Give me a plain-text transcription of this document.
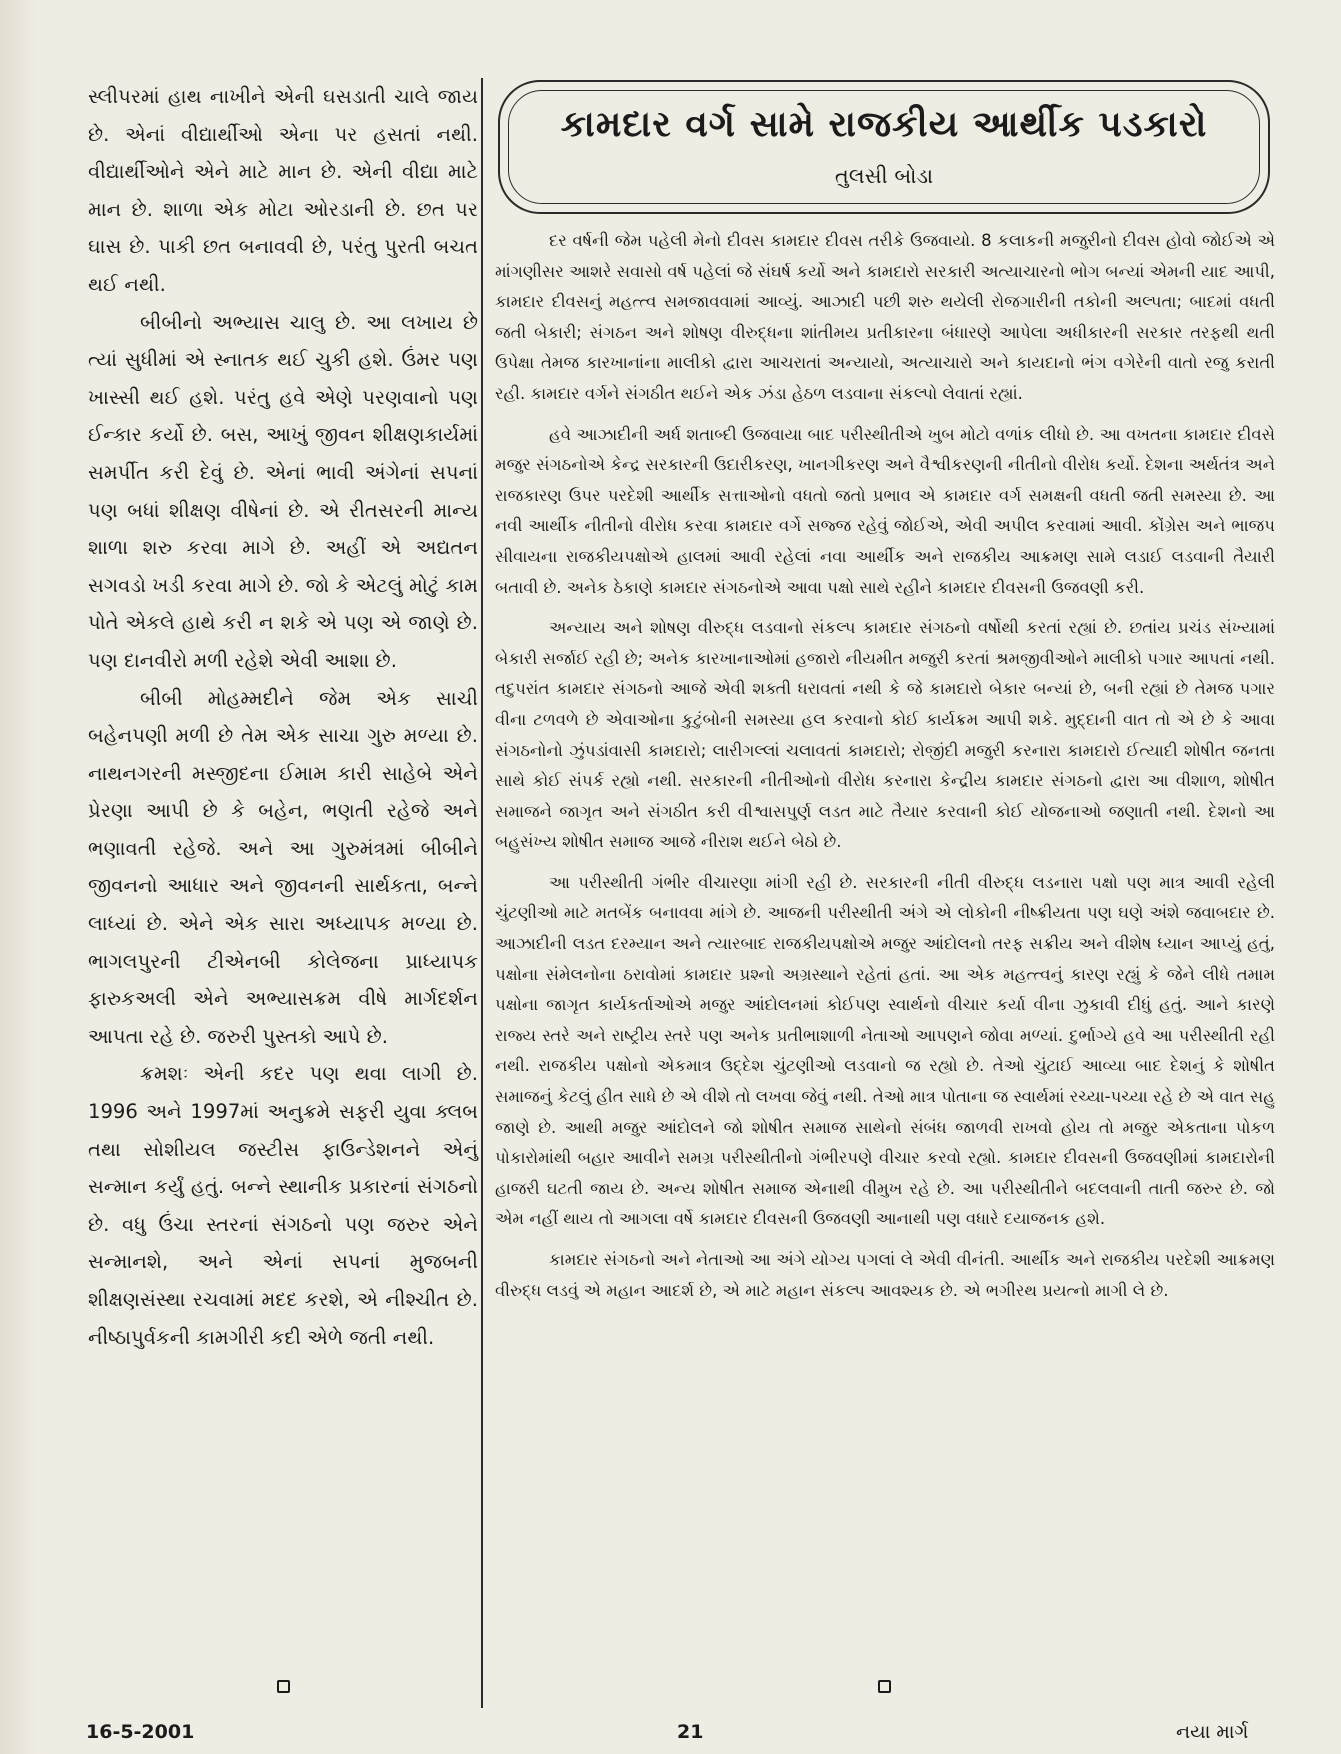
સ્લીપરમાં હાથ નાખીને એની ઘસડાતી ચાલે જાય છે. એનાં વીદ્યાર્થીઓ એના પર હસતાં નથી. વીદ્યાર્થીઓને એને માટે માન છે. એની વીદ્યા માટે માન છે. શાળા એક મોટા ઓરડાની છે. છત પર ઘાસ છે. પાકી છત બનાવવી છે, પરંતુ પુરતી બચત થઈ નથી.

બીબીનો અભ્યાસ ચાલુ છે. આ લખાય છે ત્યાં સુધીમાં એ સ્નાતક થઈ ચુકી હશે. ઉંમર પણ ખાસ્સી થઈ હશે. પરંતુ હવે એણે પરણવાનો પણ ઈન્કાર કર્યો છે. બસ, આખું જીવન શીક્ષણકાર્યમાં સમર્પીત કરી દેવું છે. એનાં ભાવી અંગેનાં સપનાં પણ બધાં શીક્ષણ વીષેનાં છે. એ રીતસરની માન્ય શાળા શરુ કરવા માગે છે. અહીં એ અદ્યતન સગવડો ખડી કરવા માગે છે. જો કે એટલું મોટું કામ પોતે એકલે હાથે કરી ન શકે એ પણ એ જાણે છે. પણ દાનવીરો મળી રહેશે એવી આશા છે.

બીબી મોહમ્મદીને જેમ એક સાચી બહેનપણી મળી છે તેમ એક સાચા ગુરુ મળ્યા છે. નાથનગરની મસ્જીદના ઈમામ કારી સાહેબે એને પ્રેરણા આપી છે કે બહેન, ભણતી રહેજે અને ભણાવતી રહેજે. અને આ ગુરુમંત્રમાં બીબીને જીવનનો આધાર અને જીવનની સાર્થકતા, બન્ને લાધ્યાં છે. એને એક સારા અધ્યાપક મળ્યા છે. ભાગલપુરની ટીએનબી કોલેજના પ્રાધ્યાપક ફારુકઅલી એને અભ્યાસક્રમ વીષે માર્ગદર્શન આપતા રહે છે. જરુરી પુસ્તકો આપે છે.

ક્રમશઃ એની કદર પણ થવા લાગી છે. 1996 અને 1997માં અનુક્રમે સફરી યુવા ક્લબ તથા સોશીયલ જસ્ટીસ ફાઉન્ડેશનને એનું સન્માન કર્યું હતું. બન્ને સ્થાનીક પ્રકારનાં સંગઠનો છે. વધુ ઉંચા સ્તરનાં સંગઠનો પણ જરુર એને સન્માનશે, અને એનાં સપનાં મુજબની શીક્ષણસંસ્થા રચવામાં મદદ કરશે, એ નીશ્ચીત છે. નીષ્ઠાપુર્વકની કામગીરી કદી એળે જતી નથી.

કામદાર વર્ગ સામે રાજકીય આર્થીક પડકારો

તુલસી બોડા

દર વર્ષની જેમ પહેલી મેનો દીવસ કામદાર દીવસ તરીકે ઉજવાયો. 8 કલાકની મજુરીનો દીવસ હોવો જોઈએ એ માંગણીસર આશરે સવાસો વર્ષ પહેલાં જે સંઘર્ષ કર્યો અને કામદારો સરકારી અત્યાચારનો ભોગ બન્યાં એમની યાદ આપી, કામદાર દીવસનું મહત્ત્વ સમજાવવામાં આવ્યું. આઝાદી પછી શરુ થયેલી રોજગારીની તકોની અલ્પતા; બાદમાં વધતી જતી બેકારી; સંગઠન અને શોષણ વીરુદ્ધના શાંતીમય પ્રતીકારના બંધારણે આપેલા અધીકારની સરકાર તરફથી થતી ઉપેક્ષા તેમજ કારખાનાંના માલીકો દ્વારા આચરાતાં અન્યાયો, અત્યાચારો અને કાયદાનો ભંગ વગેરેની વાતો રજુ કરાતી રહી. કામદાર વર્ગને સંગઠીત થઈને એક ઝંડા હેઠળ લડવાના સંકલ્પો લેવાતાં રહ્યાં.

હવે આઝાદીની અર્ધ શતાબ્દી ઉજવાયા બાદ પરીસ્થીતીએ ખુબ મોટો વળાંક લીધો છે. આ વખતના કામદાર દીવસે મજુર સંગઠનોએ કેન્દ્ર સરકારની ઉદારીકરણ, ખાનગીકરણ અને વૈશ્વીકરણની નીતીનો વીરોધ કર્યો. દેશના અર્થતંત્ર અને રાજકારણ ઉપર પરદેશી આર્થીક સત્તાઓનો વધતો જતો પ્રભાવ એ કામદાર વર્ગ સમક્ષની વધતી જતી સમસ્યા છે. આ નવી આર્થીક નીતીનો વીરોધ કરવા કામદાર વર્ગે સજ્જ રહેવું જોઈએ, એવી અપીલ કરવામાં આવી. કોંગ્રેસ અને ભાજપ સીવાયના રાજકીયપક્ષોએ હાલમાં આવી રહેલાં નવા આર્થીક અને રાજકીય આક્રમણ સામે લડાઈ લડવાની તૈયારી બતાવી છે. અનેક ઠેકાણે કામદાર સંગઠનોએ આવા પક્ષો સાથે રહીને કામદાર દીવસની ઉજવણી કરી.

અન્યાય અને શોષણ વીરુદ્ધ લડવાનો સંકલ્પ કામદાર સંગઠનો વર્ષોથી કરતાં રહ્યાં છે. છતાંય પ્રચંડ સંખ્યામાં બેકારી સર્જાઈ રહી છે; અનેક કારખાનાઓમાં હજારો નીયમીત મજુરી કરતાં શ્રમજીવીઓને માલીકો પગાર આપતાં નથી. તદુપરાંત કામદાર સંગઠનો આજે એવી શક્તી ધરાવતાં નથી કે જે કામદારો બેકાર બન્યાં છે, બની રહ્યાં છે તેમજ પગાર વીના ટળવળે છે એવાઓના કુટુંબોની સમસ્યા હલ કરવાનો કોઈ કાર્યક્રમ આપી શકે. મુદ્દાની વાત તો એ છે કે આવા સંગઠનોનો ઝુંપડાંવાસી કામદારો; લારીગલ્લાં ચલાવતાં કામદારો; રોજીંદી મજુરી કરનારા કામદારો ઈત્યાદી શોષીત જનતા સાથે કોઈ સંપર્ક રહ્યો નથી. સરકારની નીતીઓનો વીરોધ કરનારા કેન્દ્રીય કામદાર સંગઠનો દ્વારા આ વીશાળ, શોષીત સમાજને જાગૃત અને સંગઠીત કરી વીશ્વાસપુર્ણ લડત માટે તૈયાર કરવાની કોઈ યોજનાઓ જણાતી નથી. દેશનો આ બહુસંખ્ય શોષીત સમાજ આજે નીરાશ થઈને બેઠો છે.

આ પરીસ્થીતી ગંભીર વીચારણા માંગી રહી છે. સરકારની નીતી વીરુદ્ધ લડનારા પક્ષો પણ માત્ર આવી રહેલી ચુંટણીઓ માટે મતબેંક બનાવવા માંગે છે. આજની પરીસ્થીતી અંગે એ લોકોની નીષ્ક્રીયતા પણ ઘણે અંશે જવાબદાર છે. આઝાદીની લડત દરમ્યાન અને ત્યારબાદ રાજકીયપક્ષોએ મજુર આંદોલનો તરફ સક્રીય અને વીશેષ ધ્યાન આપ્યું હતું, પક્ષોના સંમેલનોના ઠરાવોમાં કામદાર પ્રશ્નો અગ્રસ્થાને રહેતાં હતાં. આ એક મહત્ત્વનું કારણ રહ્યું કે જેને લીધે તમામ પક્ષોના જાગૃત કાર્યકર્તાઓએ મજુર આંદોલનમાં કોઈપણ સ્વાર્થનો વીચાર કર્યા વીના ઝુકાવી દીધું હતું. આને કારણે રાજ્ય સ્તરે અને રાષ્ટ્રીય સ્તરે પણ અનેક પ્રતીભાશાળી નેતાઓ આપણને જોવા મળ્યાં. દુર્ભાગ્યે હવે આ પરીસ્થીતી રહી નથી. રાજકીય પક્ષોનો એકમાત્ર ઉદ્દેશ ચુંટણીઓ લડવાનો જ રહ્યો છે. તેઓ ચુંટાઈ આવ્યા બાદ દેશનું કે શોષીત સમાજનું કેટલું હીત સાધે છે એ વીશે તો લખવા જેવું નથી. તેઓ માત્ર પોતાના જ સ્વાર્થમાં રચ્યા-પચ્યા રહે છે એ વાત સહુ જાણે છે. આથી મજુર આંદોલને જો શોષીત સમાજ સાથેનો સંબંધ જાળવી રાખવો હોય તો મજુર એકતાના પોકળ પોકારોમાંથી બહાર આવીને સમગ્ર પરીસ્થીતીનો ગંભીરપણે વીચાર કરવો રહ્યો. કામદાર દીવસની ઉજવણીમાં કામદારોની હાજરી ઘટતી જાય છે. અન્ય શોષીત સમાજ એનાથી વીમુખ રહે છે. આ પરીસ્થીતીને બદલવાની તાતી જરુર છે. જો એમ નહીં થાય તો આગલા વર્ષે કામદાર દીવસની ઉજવણી આનાથી પણ વધારે દયાજનક હશે.

કામદાર સંગઠનો અને નેતાઓ આ અંગે યોગ્ય પગલાં લે એવી વીનંતી. આર્થીક અને રાજકીય પરદેશી આક્રમણ વીરુદ્ધ લડવું એ મહાન આદર્શ છે, એ માટે મહાન સંકલ્પ આવશ્યક છે. એ ભગીરથ પ્રયત્નો માગી લે છે.

16-5-2001	21	નયા માર્ગ
